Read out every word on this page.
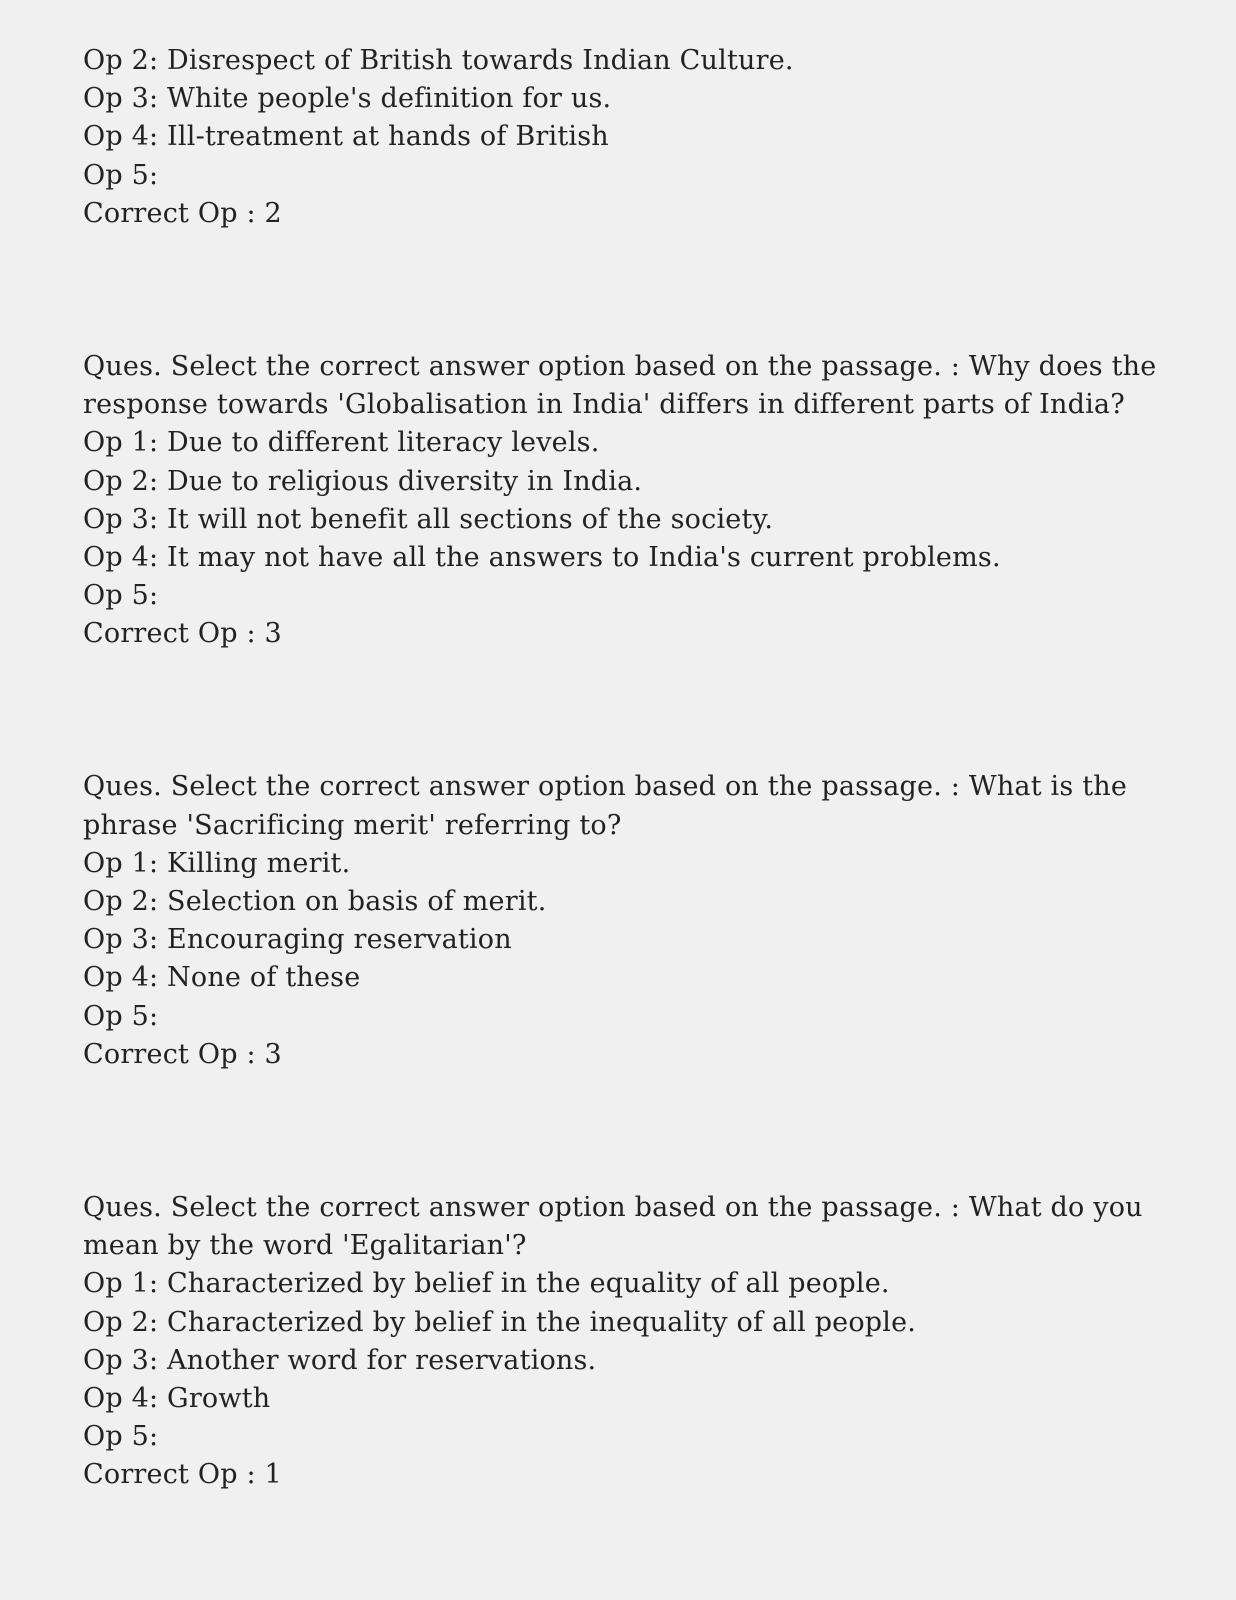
Op 2: Disrespect of British towards Indian Culture.
Op 3: White people's definition for us.
Op 4: Ill-treatment at hands of British
Op 5:
Correct Op : 2
Ques. Select the correct answer option based on the passage. : Why does the
response towards 'Globalisation in India' differs in different parts of India?
Op 1: Due to different literacy levels.
Op 2: Due to religious diversity in India.
Op 3: It will not benefit all sections of the society.
Op 4: It may not have all the answers to India's current problems.
Op 5:
Correct Op : 3
Ques. Select the correct answer option based on the passage. : What is the
phrase 'Sacrificing merit' referring to?
Op 1: Killing merit.
Op 2: Selection on basis of merit.
Op 3: Encouraging reservation
Op 4: None of these
Op 5:
Correct Op : 3
Ques. Select the correct answer option based on the passage. : What do you
mean by the word 'Egalitarian'?
Op 1: Characterized by belief in the equality of all people.
Op 2: Characterized by belief in the inequality of all people.
Op 3: Another word for reservations.
Op 4: Growth
Op 5:
Correct Op : 1
